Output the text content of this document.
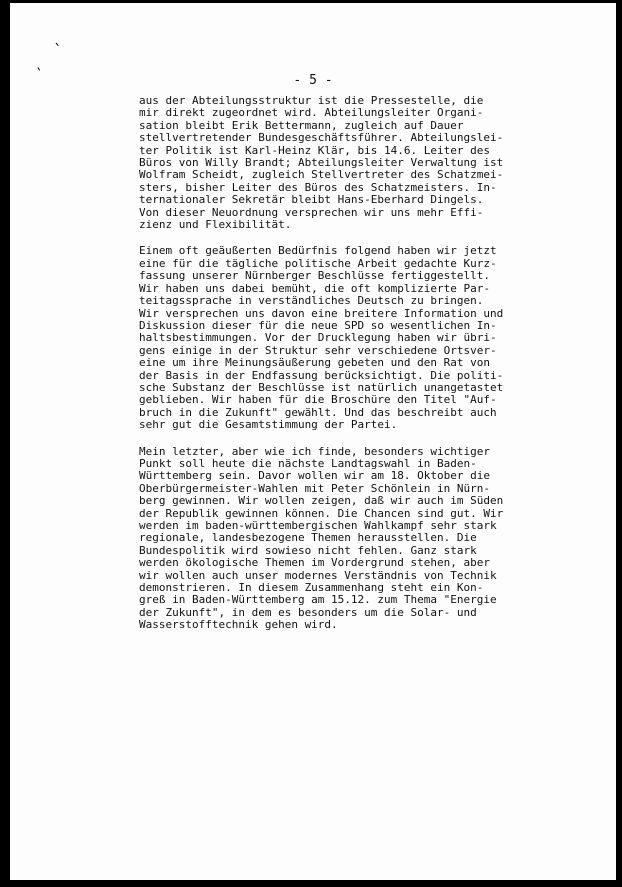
'
'	- 5 -
aus der Abteilungsstruktur ist die Pressestelle, die
mir direkt zugeordnet wird. Abteilungsleiter Organi-
sation bleibt Erik Bettermann, zugleich auf Dauer
stellvertretender Bundesgeschäftsführer. Abteilungslei-
ter Politik ist Karl-Heinz Klär, bis 14.6. Leiter des
Büros von Willy Brandt; Abteilungsleiter Verwaltung ist
Wolfram Scheidt, zugleich Stellvertreter des Schatzmei-
sters, bisher Leiter des Büros des Schatzmeisters. In-
ternationaler Sekretär bleibt Hans-Eberhard Dingels.
Von dieser Neuordnung versprechen wir uns mehr Effi-
zienz und Flexibilität.
Einem oft geäußerten Bedürfnis folgend haben wir jetzt
eine für die tägliche politische Arbeit gedachte Kurz-
fassung unserer Nürnberger Beschlüsse fertiggestellt.
Wir haben uns dabei bemüht, die oft komplizierte Par-
teitagssprache in verständliches Deutsch zu bringen.
Wir versprechen uns davon eine breitere Information und
Diskussion dieser für die neue SPD so wesentlichen In-
haltsbestimmungen. Vor der Drucklegung haben wir übri-
gens einige in der Struktur sehr verschiedene Ortsver-
eine um ihre Meinungsäußerung gebeten und den Rat von
der Basis in der Endfassung berücksichtigt. Die politi-
sche Substanz der Beschlüsse ist natürlich unangetastet
geblieben. Wir haben für die Broschüre den Titel "Auf-
bruch in die Zukunft" gewählt. Und das beschreibt auch
sehr gut die Gesamtstimmung der Partei.
Mein letzter, aber wie ich finde, besonders wichtiger
Punkt soll heute die nächste Landtagswahl in Baden-
Württemberg sein. Davor wollen wir am 18. Oktober die
Oberbürgermeister-Wahlen mit Peter Schönlein in Nürn-
berg gewinnen. Wir wollen zeigen, daß wir auch im Süden
der Republik gewinnen können. Die Chancen sind gut. Wir
werden im baden-württembergischen Wahlkampf sehr stark
regionale, landesbezogene Themen herausstellen. Die
Bundespolitik wird sowieso nicht fehlen. Ganz stark
werden ökologische Themen im Vordergrund stehen, aber
wir wollen auch unser modernes Verständnis von Technik
demonstrieren. In diesem Zusammenhang steht ein Kon-
greß in Baden-Württemberg am 15.12. zum Thema "Energie
der Zukunft", in dem es besonders um die Solar- und
Wasserstofftechnik gehen wird.
